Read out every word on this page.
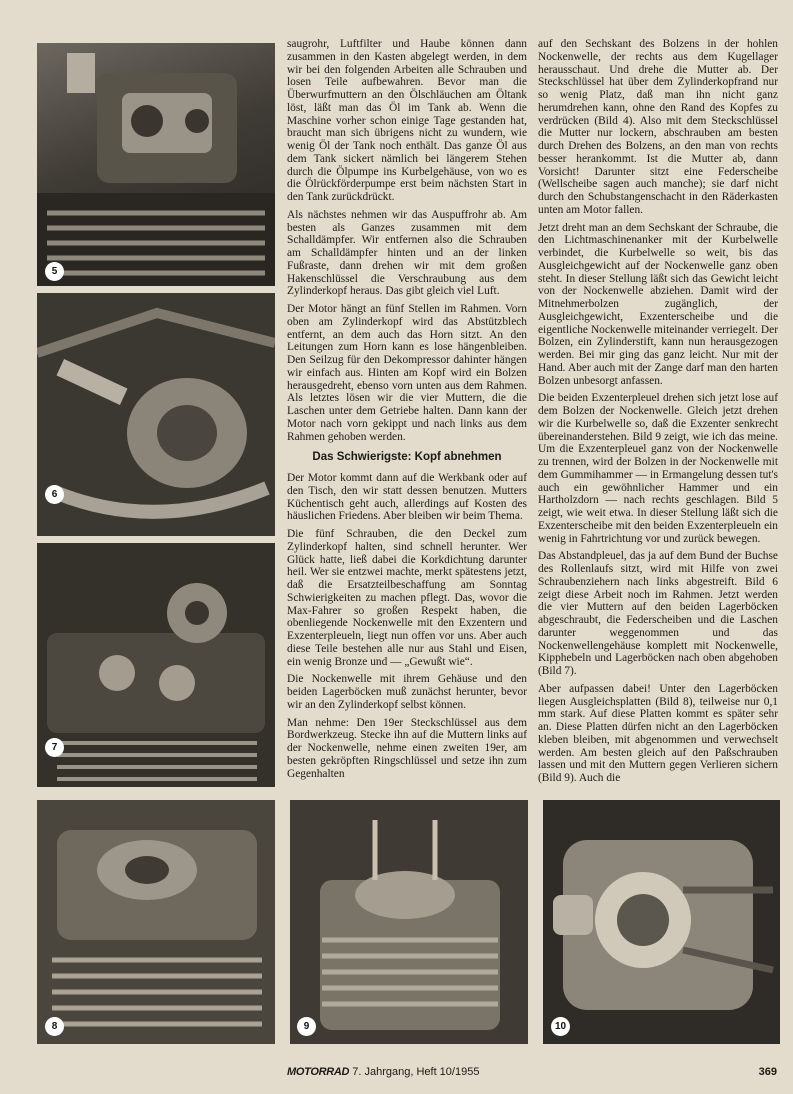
5
6
7
8	9	10

saugrohr, Luftfilter und Haube können dann zusammen in den Kasten abgelegt werden, in dem wir bei den folgenden Arbeiten alle Schrauben und losen Teile aufbewahren. Bevor man die Überwurfmuttern an den Ölschläuchen am Öltank löst, läßt man das Öl im Tank ab. Wenn die Maschine vorher schon einige Tage gestanden hat, braucht man sich übrigens nicht zu wundern, wie wenig Öl der Tank noch enthält. Das ganze Öl aus dem Tank sickert nämlich bei längerem Stehen durch die Ölpumpe ins Kurbelgehäuse, von wo es die Ölrückförderpumpe erst beim nächsten Start in den Tank zurückdrückt.

Als nächstes nehmen wir das Auspuffrohr ab. Am besten als Ganzes zusammen mit dem Schalldämpfer. Wir entfernen also die Schrauben am Schalldämpfer hinten und an der linken Fußraste, dann drehen wir mit dem großen Hakenschlüssel die Verschraubung aus dem Zylinderkopf heraus. Das gibt gleich viel Luft.

Der Motor hängt an fünf Stellen im Rahmen. Vorn oben am Zylinderkopf wird das Abstützblech entfernt, an dem auch das Horn sitzt. An den Leitungen zum Horn kann es lose hängenbleiben. Den Seilzug für den Dekompressor dahinter hängen wir einfach aus. Hinten am Kopf wird ein Bolzen herausgedreht, ebenso vorn unten aus dem Rahmen. Als letztes lösen wir die vier Muttern, die die Laschen unter dem Getriebe halten. Dann kann der Motor nach vorn gekippt und nach links aus dem Rahmen gehoben werden.

Das Schwierigste: Kopf abnehmen

Der Motor kommt dann auf die Werkbank oder auf den Tisch, den wir statt dessen benutzen. Mutters Küchentisch geht auch, allerdings auf Kosten des häuslichen Friedens. Aber bleiben wir beim Thema.

Die fünf Schrauben, die den Deckel zum Zylinderkopf halten, sind schnell herunter. Wer Glück hatte, ließ dabei die Korkdichtung darunter heil. Wer sie entzwei machte, merkt spätestens jetzt, daß die Ersatzteilbeschaffung am Sonntag Schwierigkeiten zu machen pflegt. Das, wovor die Max-Fahrer so großen Respekt haben, die obenliegende Nockenwelle mit den Exzentern und Exzenterpleueln, liegt nun offen vor uns. Aber auch diese Teile bestehen alle nur aus Stahl und Eisen, ein wenig Bronze und — „Gewußt wie“.

Die Nockenwelle mit ihrem Gehäuse und den beiden Lagerböcken muß zunächst herunter, bevor wir an den Zylinderkopf selbst können.

Man nehme: Den 19er Steckschlüssel aus dem Bordwerkzeug. Stecke ihn auf die Muttern links auf der Nockenwelle, nehme einen zweiten 19er, am besten gekröpften Ringschlüssel und setze ihn zum Gegenhalten

auf den Sechskant des Bolzens in der hohlen Nockenwelle, der rechts aus dem Kugellager herausschaut. Und drehe die Mutter ab. Der Steckschlüssel hat über dem Zylinderkopfrand nur so wenig Platz, daß man ihn nicht ganz herumdrehen kann, ohne den Rand des Kopfes zu verdrücken (Bild 4). Also mit dem Steckschlüssel die Mutter nur lockern, abschrauben am besten durch Drehen des Bolzens, an den man von rechts besser herankommt. Ist die Mutter ab, dann Vorsicht! Darunter sitzt eine Federscheibe (Wellscheibe sagen auch manche); sie darf nicht durch den Schubstangenschacht in den Räderkasten unten am Motor fallen.

Jetzt dreht man an dem Sechskant der Schraube, die den Lichtmaschinenanker mit der Kurbelwelle verbindet, die Kurbelwelle so weit, bis das Ausgleichgewicht auf der Nockenwelle ganz oben steht. In dieser Stellung läßt sich das Gewicht leicht von der Nockenwelle abziehen. Damit wird der Mitnehmerbolzen zugänglich, der Ausgleichgewicht, Exzenterscheibe und die eigentliche Nockenwelle miteinander verriegelt. Der Bolzen, ein Zylinderstift, kann nun herausgezogen werden. Bei mir ging das ganz leicht. Nur mit der Hand. Aber auch mit der Zange darf man den harten Bolzen unbesorgt anfassen.

Die beiden Exzenterpleuel drehen sich jetzt lose auf dem Bolzen der Nockenwelle. Gleich jetzt drehen wir die Kurbelwelle so, daß die Exzenter senkrecht übereinanderstehen. Bild 9 zeigt, wie ich das meine. Um die Exzenterpleuel ganz von der Nockenwelle zu trennen, wird der Bolzen in der Nockenwelle mit dem Gummihammer — in Ermangelung dessen tut's auch ein gewöhnlicher Hammer und ein Hartholzdorn — nach rechts geschlagen. Bild 5 zeigt, wie weit etwa. In dieser Stellung läßt sich die Exzenterscheibe mit den beiden Exzenterpleueln ein wenig in Fahrtrichtung vor und zurück bewegen.

Das Abstandpleuel, das ja auf dem Bund der Buchse des Rollenlaufs sitzt, wird mit Hilfe von zwei Schraubenziehern nach links abgestreift. Bild 6 zeigt diese Arbeit noch im Rahmen. Jetzt werden die vier Muttern auf den beiden Lagerböcken abgeschraubt, die Federscheiben und die Laschen darunter weggenommen und das Nockenwellengehäuse komplett mit Nockenwelle, Kipphebeln und Lagerböcken nach oben abgehoben (Bild 7).

Aber aufpassen dabei! Unter den Lagerböcken liegen Ausgleichsplatten (Bild 8), teilweise nur 0,1 mm stark. Auf diese Platten kommt es später sehr an. Diese Platten dürfen nicht an den Lagerböcken kleben bleiben, mit abgenommen und verwechselt werden. Am besten gleich auf den Paßschrauben lassen und mit den Muttern gegen Verlieren sichern (Bild 9). Auch die

MOTORRAD 7. Jahrgang, Heft 10/1955	369
